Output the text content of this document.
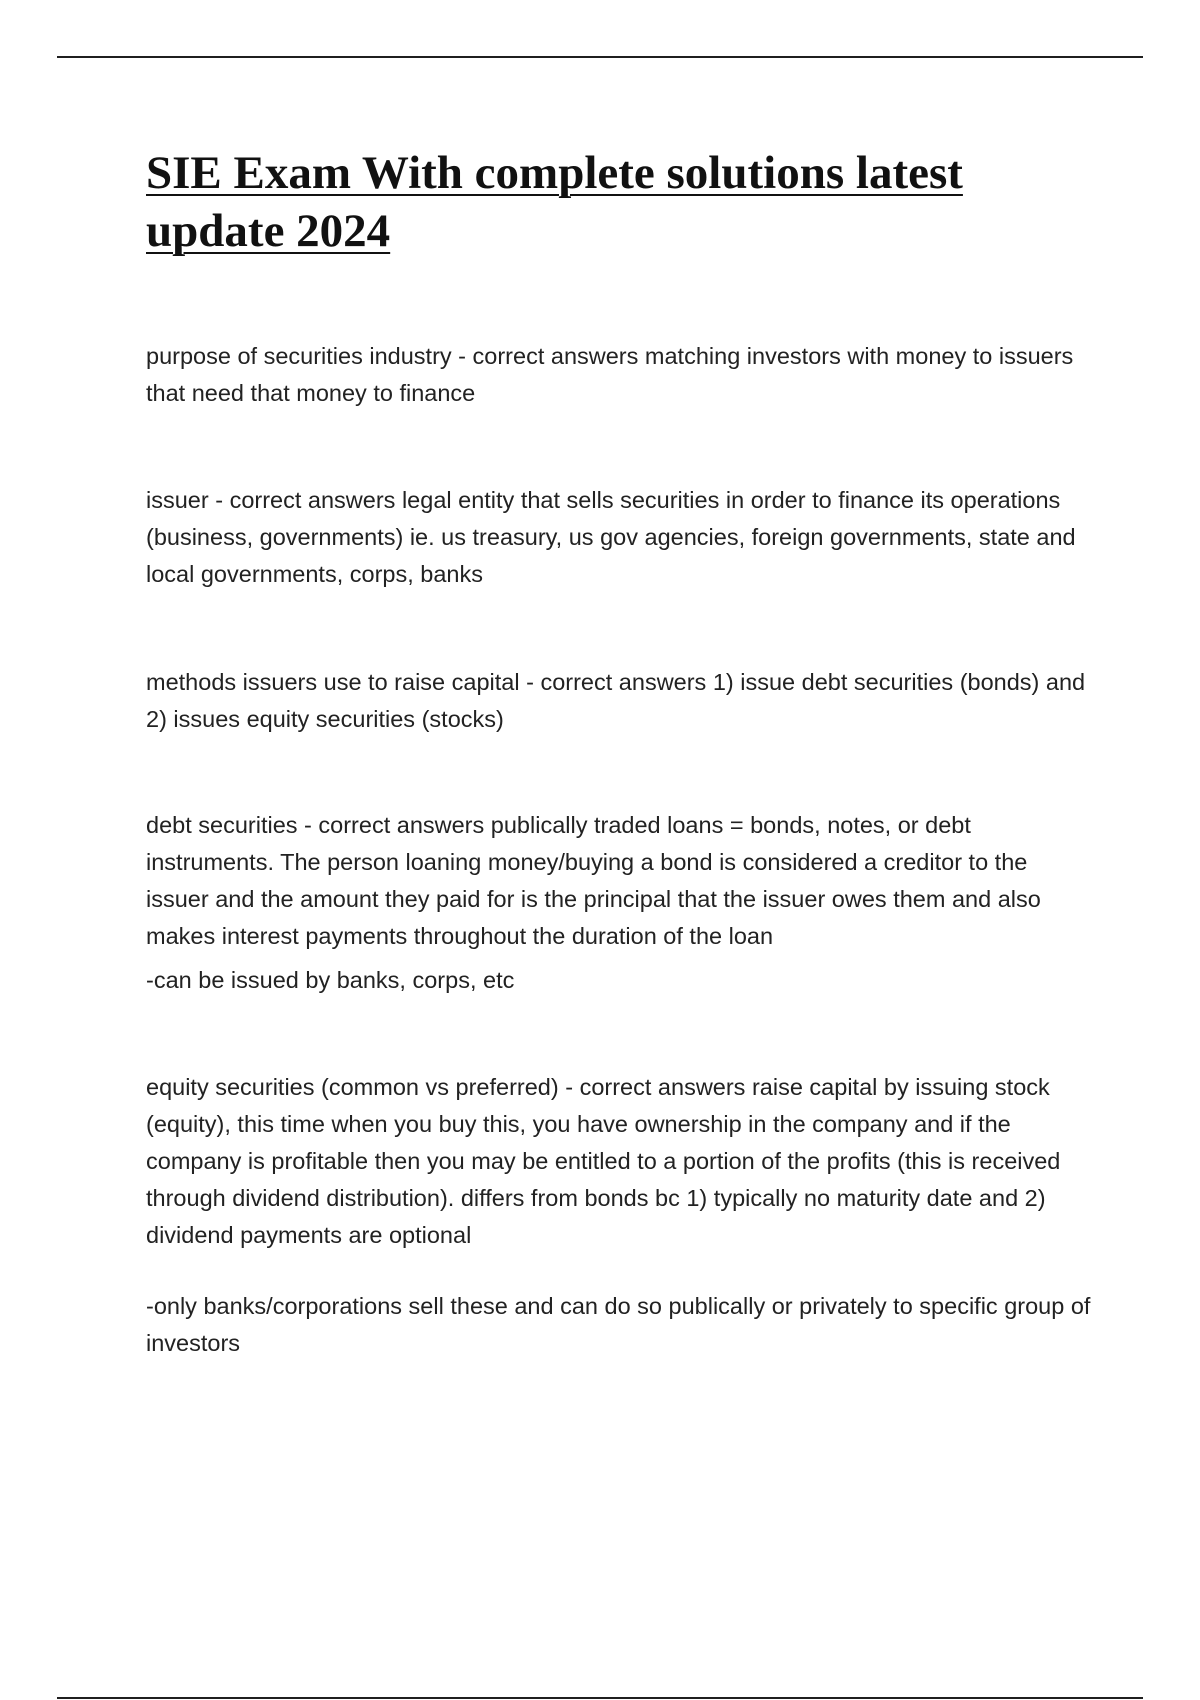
SIE Exam With complete solutions latest update 2024

purpose of securities industry - correct answers matching investors with money to issuers that need that money to finance

issuer - correct answers legal entity that sells securities in order to finance its operations (business, governments) ie. us treasury, us gov agencies, foreign governments, state and local governments, corps, banks

methods issuers use to raise capital - correct answers 1) issue debt securities (bonds) and 2) issues equity securities (stocks)

debt securities - correct answers publically traded loans = bonds, notes, or debt instruments. The person loaning money/buying a bond is considered a creditor to the issuer and the amount they paid for is the principal that the issuer owes them and also makes interest payments throughout the duration of the loan

-can be issued by banks, corps, etc

equity securities (common vs preferred) - correct answers raise capital by issuing stock (equity), this time when you buy this, you have ownership in the company and if the company is profitable then you may be entitled to a portion of the profits (this is received through dividend distribution). differs from bonds bc 1) typically no maturity date and 2) dividend payments are optional

-only banks/corporations sell these and can do so publically or privately to specific group of investors
